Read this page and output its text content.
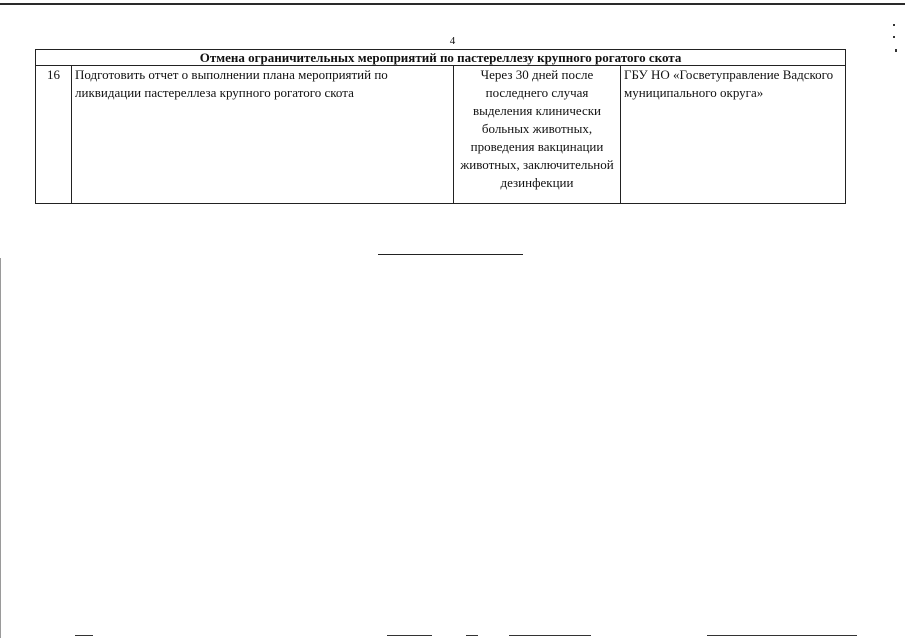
4
Отмена ограничительных мероприятий по пастереллезу крупного рогатого скота
16	Подготовить отчет о выполнении плана мероприятий по ликвидации пастереллеза крупного рогатого скота	Через 30 дней после последнего случая выделения клинически больных животных, проведения вакцинации животных, заключительной дезинфекции	ГБУ НО «Госветуправление Вадского муниципального округа»
